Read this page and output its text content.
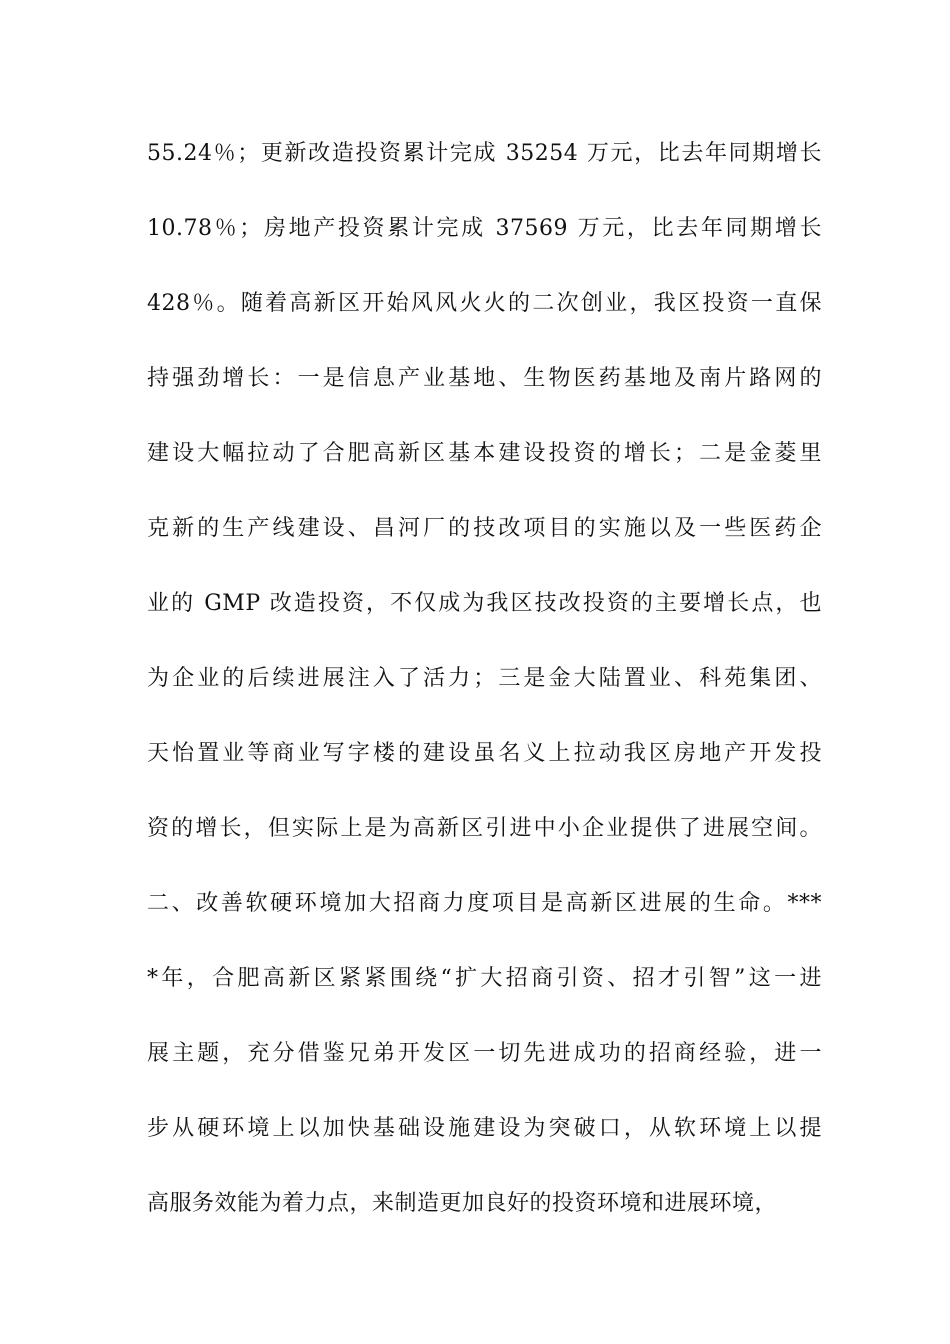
55.24％；更新改造投资累计完成 35254 万元，比去年同期增长
10.78％；房地产投资累计完成 37569 万元，比去年同期增长
428％。随着高新区开始风风火火的二次创业，我区投资一直保
持强劲增长：一是信息产业基地、生物医药基地及南片路网的
建设大幅拉动了合肥高新区基本建设投资的增长；二是金菱里
克新的生产线建设、昌河厂的技改项目的实施以及一些医药企
业的 GMP 改造投资，不仅成为我区技改投资的主要增长点，也
为企业的后续进展注入了活力；三是金大陆置业、科苑集团、
天怡置业等商业写字楼的建设虽名义上拉动我区房地产开发投
资的增长，但实际上是为高新区引进中小企业提供了进展空间。
二、改善软硬环境加大招商力度项目是高新区进展的生命。***
*年，合肥高新区紧紧围绕“扩大招商引资、招才引智”这一进
展主题，充分借鉴兄弟开发区一切先进成功的招商经验，进一
步从硬环境上以加快基础设施建设为突破口，从软环境上以提
高服务效能为着力点，来制造更加良好的投资环境和进展环境，
